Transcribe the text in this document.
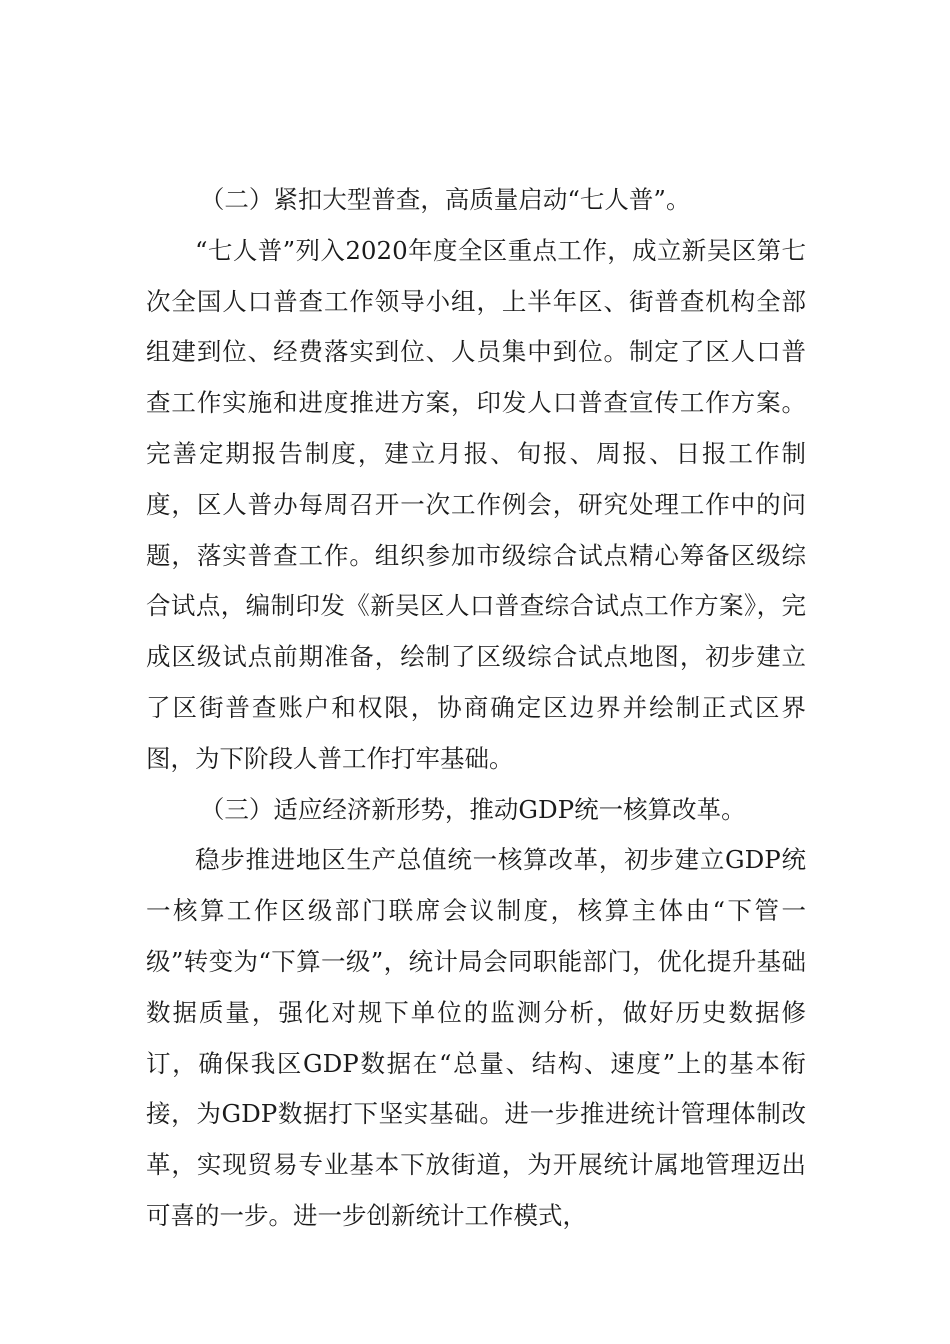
（二）紧扣大型普查，高质量启动“七人普”。

“七人普”列入2020年度全区重点工作，成立新吴区第七次全国人口普查工作领导小组，上半年区、街普查机构全部组建到位、经费落实到位、人员集中到位。制定了区人口普查工作实施和进度推进方案，印发人口普查宣传工作方案。完善定期报告制度，建立月报、旬报、周报、日报工作制度，区人普办每周召开一次工作例会，研究处理工作中的问题，落实普查工作。组织参加市级综合试点精心筹备区级综合试点，编制印发《新吴区人口普查综合试点工作方案》，完成区级试点前期准备，绘制了区级综合试点地图，初步建立了区街普查账户和权限，协商确定区边界并绘制正式区界图，为下阶段人普工作打牢基础。

（三）适应经济新形势，推动GDP统一核算改革。

稳步推进地区生产总值统一核算改革，初步建立GDP统一核算工作区级部门联席会议制度，核算主体由“下管一级”转变为“下算一级”，统计局会同职能部门，优化提升基础数据质量，强化对规下单位的监测分析，做好历史数据修订，确保我区GDP数据在“总量、结构、速度”上的基本衔接，为GDP数据打下坚实基础。进一步推进统计管理体制改革，实现贸易专业基本下放街道，为开展统计属地管理迈出可喜的一步。进一步创新统计工作模式，
